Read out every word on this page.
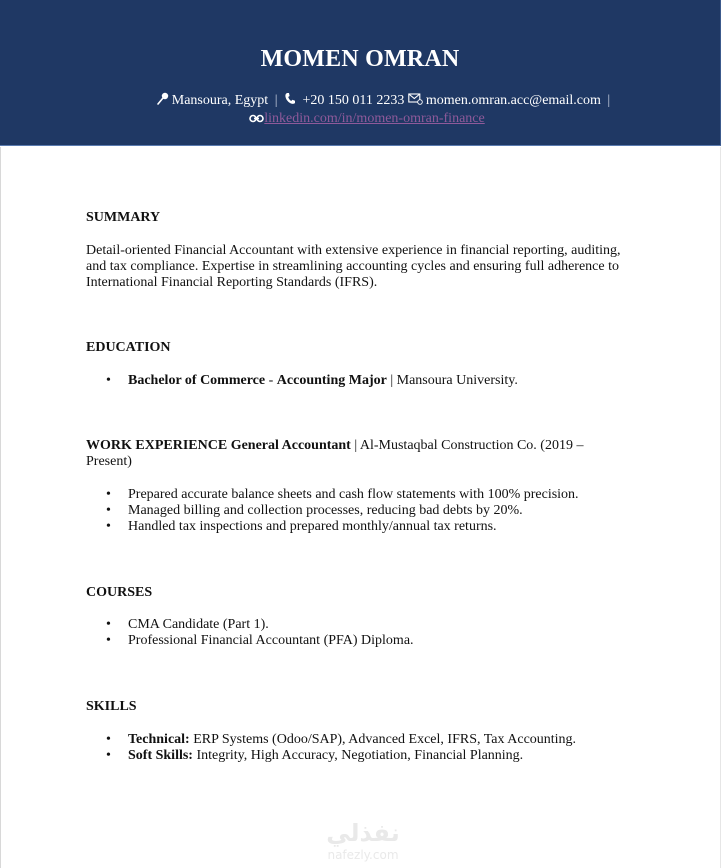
MOMEN OMRAN
Mansoura, Egypt | +20 150 011 2233 momen.omran.acc@email.com |
linkedin.com/in/momen-omran-finance
SUMMARY
Detail-oriented Financial Accountant with extensive experience in financial reporting, auditing,
and tax compliance. Expertise in streamlining accounting cycles and ensuring full adherence to
International Financial Reporting Standards (IFRS).
EDUCATION
• Bachelor of Commerce - Accounting Major | Mansoura University.
WORK EXPERIENCE General Accountant | Al-Mustaqbal Construction Co. (2019 –
Present)
• Prepared accurate balance sheets and cash flow statements with 100% precision.
• Managed billing and collection processes, reducing bad debts by 20%.
• Handled tax inspections and prepared monthly/annual tax returns.
COURSES
• CMA Candidate (Part 1).
• Professional Financial Accountant (PFA) Diploma.
SKILLS
• Technical: ERP Systems (Odoo/SAP), Advanced Excel, IFRS, Tax Accounting.
• Soft Skills: Integrity, High Accuracy, Negotiation, Financial Planning.
نفذلي
nafezly.com
